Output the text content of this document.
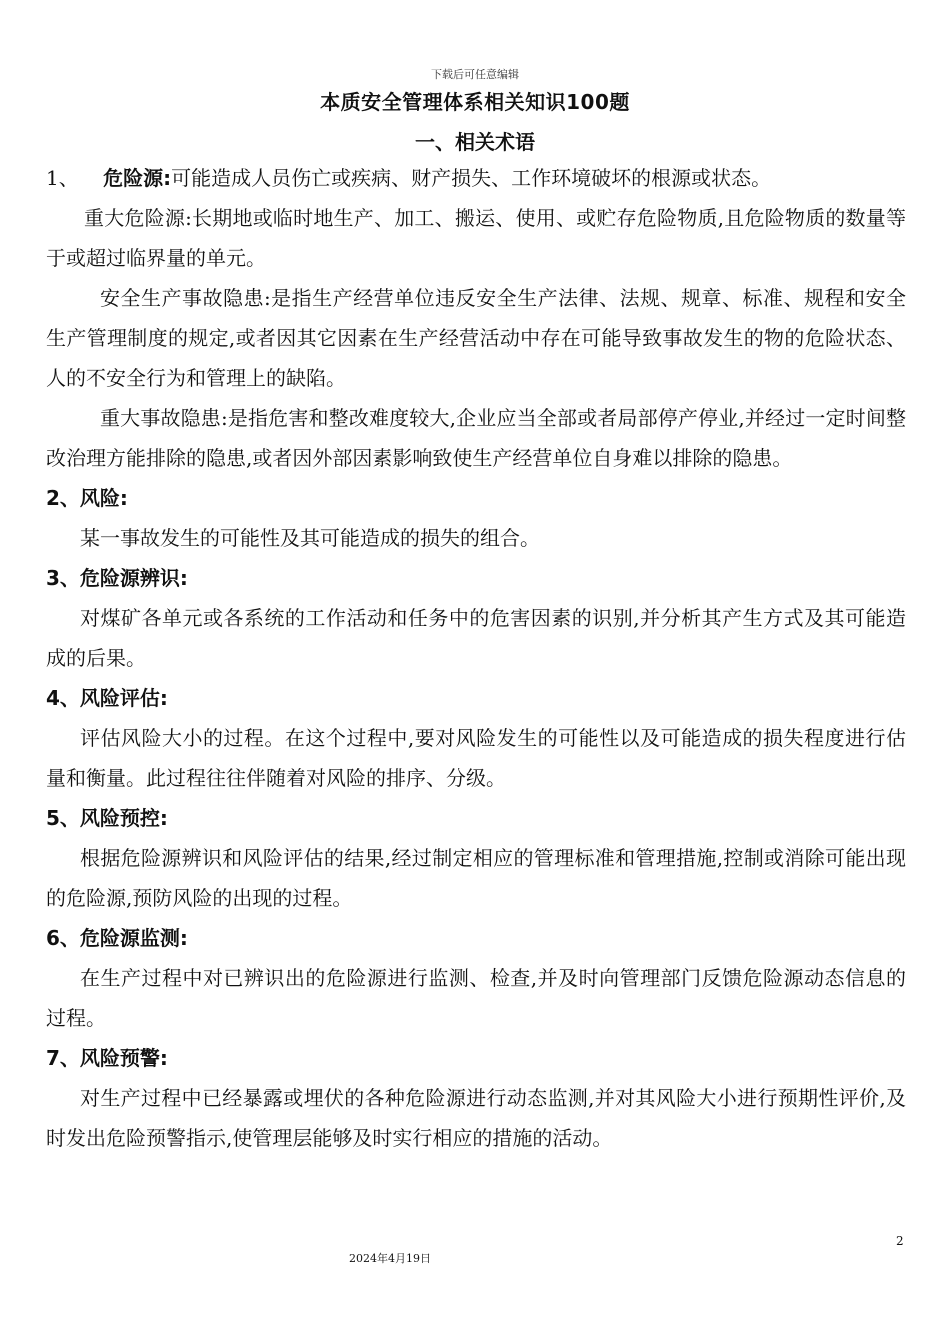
下载后可任意编辑
本质安全管理体系相关知识100题
一、相关术语

1、 危险源:可能造成人员伤亡或疾病、财产损失、工作环境破坏的根源或状态。

重大危险源:长期地或临时地生产、加工、搬运、使用、或贮存危险物质,且危险物质的数量等于或超过临界量的单元。

安全生产事故隐患:是指生产经营单位违反安全生产法律、法规、规章、标准、规程和安全生产管理制度的规定,或者因其它因素在生产经营活动中存在可能导致事故发生的物的危险状态、人的不安全行为和管理上的缺陷。

重大事故隐患:是指危害和整改难度较大,企业应当全部或者局部停产停业,并经过一定时间整改治理方能排除的隐患,或者因外部因素影响致使生产经营单位自身难以排除的隐患。

2、风险:

某一事故发生的可能性及其可能造成的损失的组合。

3、危险源辨识:

对煤矿各单元或各系统的工作活动和任务中的危害因素的识别,并分析其产生方式及其可能造成的后果。

4、风险评估:

评估风险大小的过程。在这个过程中,要对风险发生的可能性以及可能造成的损失程度进行估量和衡量。此过程往往伴随着对风险的排序、分级。

5、风险预控:

根据危险源辨识和风险评估的结果,经过制定相应的管理标准和管理措施,控制或消除可能出现的危险源,预防风险的出现的过程。

6、危险源监测:

在生产过程中对已辨识出的危险源进行监测、检查,并及时向管理部门反馈危险源动态信息的过程。

7、风险预警:

对生产过程中已经暴露或埋伏的各种危险源进行动态监测,并对其风险大小进行预期性评价,及时发出危险预警指示,使管理层能够及时实行相应的措施的活动。

2
2024年4月19日
